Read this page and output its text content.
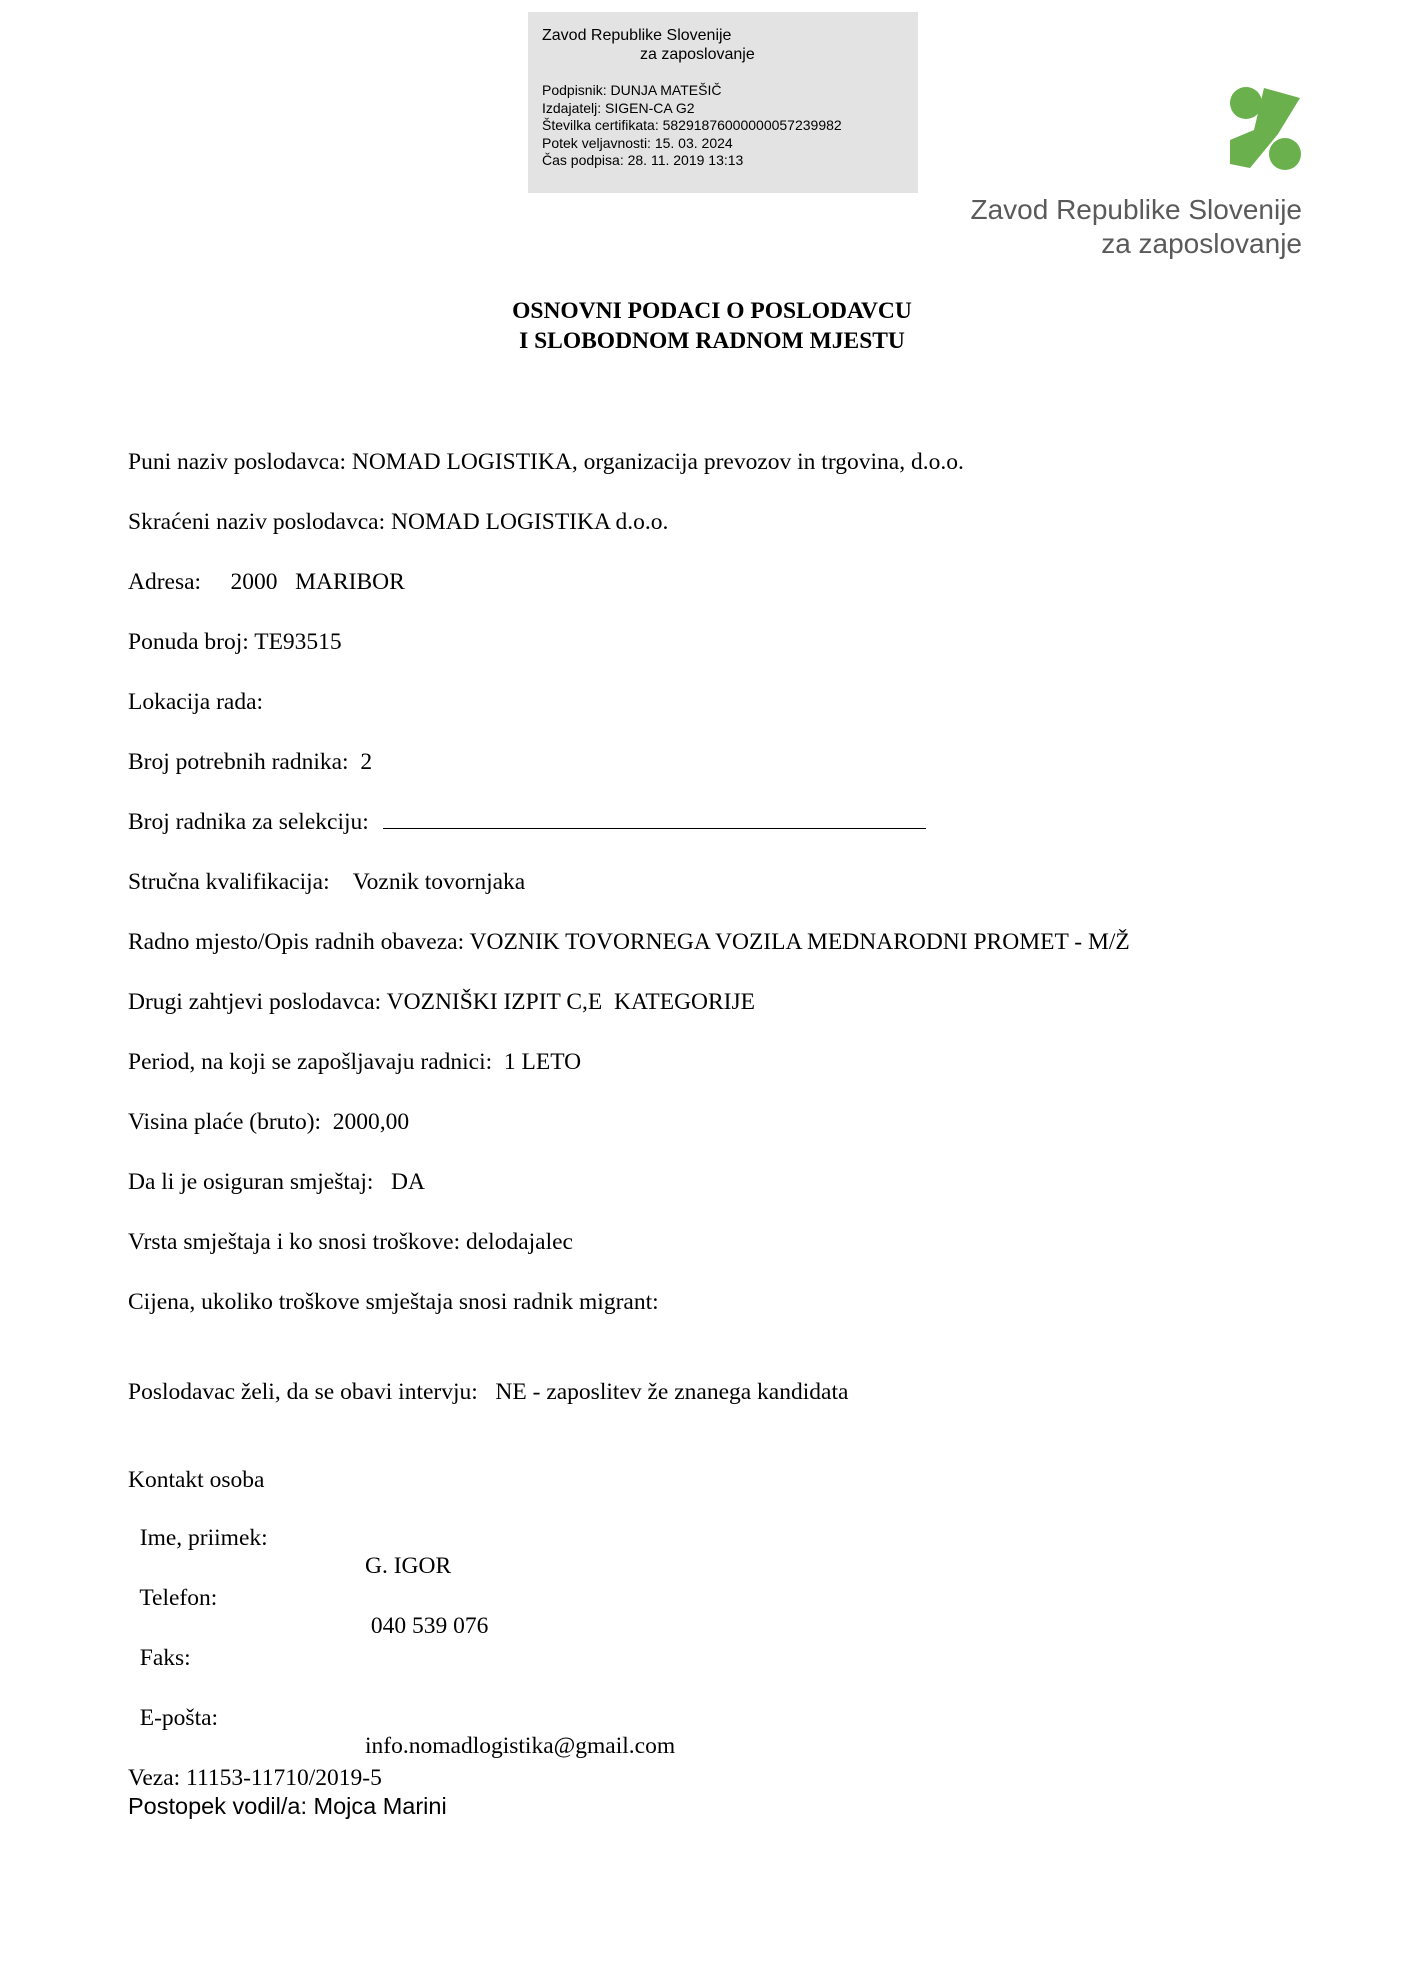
Zavod Republike Slovenije
za zaposlovanje
Podpisnik: DUNJA MATEŠIČ
Izdajatelj: SIGEN-CA G2
Številka certifikata: 58291876000000057239982
Potek veljavnosti: 15. 03. 2024
Čas podpisa: 28. 11. 2019 13:13
Zavod Republike Slovenije
za zaposlovanje
OSNOVNI PODACI O POSLODAVCU
I SLOBODNOM RADNOM MJESTU
Puni naziv poslodavca: NOMAD LOGISTIKA, organizacija prevozov in trgovina, d.o.o.
Skraćeni naziv poslodavca: NOMAD LOGISTIKA d.o.o.
Adresa:     2000   MARIBOR
Ponuda broj: TE93515
Lokacija rada:
Broj potrebnih radnika:  2
Broj radnika za selekciju:
Stručna kvalifikacija:    Voznik tovornjaka
Radno mjesto/Opis radnih obaveza: VOZNIK TOVORNEGA VOZILA MEDNARODNI PROMET - M/Ž
Drugi zahtjevi poslodavca: VOZNIŠKI IZPIT C,E  KATEGORIJE
Period, na koji se zapošljavaju radnici:  1 LETO
Visina plaće (bruto):  2000,00
Da li je osiguran smještaj:   DA
Vrsta smještaja i ko snosi troškove: delodajalec
Cijena, ukoliko troškove smještaja snosi radnik migrant:
Poslodavac želi, da se obavi intervju:   NE - zaposlitev že znanega kandidata
Kontakt osoba

Ime, priimek:

G. IGOR

Telefon:

040 539 076

Faks:

E-pošta:

info.nomadlogistika@gmail.com

Veza: 11153-11710/2019-5
Postopek vodil/a: Mojca Marini
